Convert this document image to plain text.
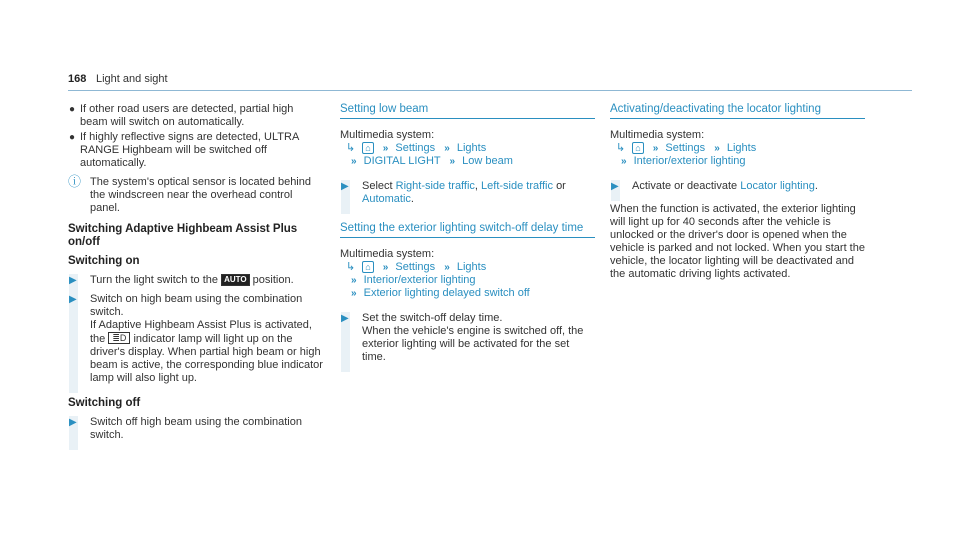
168 Light and sight
● If other road users are detected, partial high beam will switch on automatically.
● If highly reflective signs are detected, ULTRA RANGE Highbeam will be switched off automatically.
ⓘ The system's optical sensor is located behind the windscreen near the overhead control panel.
Switching Adaptive Highbeam Assist Plus on/off
Switching on
▶ Turn the light switch to the AUTO position.
▶ Switch on high beam using the combination switch.
If Adaptive Highbeam Assist Plus is activated, the ≣D indicator lamp will light up on the driver's display. When partial high beam or high beam is active, the corresponding blue indicator lamp will also light up.
Switching off
▶ Switch off high beam using the combination switch.
Setting low beam
Multimedia system:
↳ ⌂ » Settings » Lights
» DIGITAL LIGHT » Low beam
▶ Select Right-side traffic, Left-side traffic or Automatic.
Setting the exterior lighting switch-off delay time
Multimedia system:
↳ ⌂ » Settings » Lights
» Interior/exterior lighting
» Exterior lighting delayed switch off
▶ Set the switch-off delay time.
When the vehicle's engine is switched off, the exterior lighting will be activated for the set time.
Activating/deactivating the locator lighting
Multimedia system:
↳ ⌂ » Settings » Lights
» Interior/exterior lighting
▶ Activate or deactivate Locator lighting.
When the function is activated, the exterior lighting will light up for 40 seconds after the vehicle is unlocked or the driver's door is opened when the vehicle is parked and not locked. When you start the vehicle, the locator lighting will be deactivated and the automatic driving lights activated.
